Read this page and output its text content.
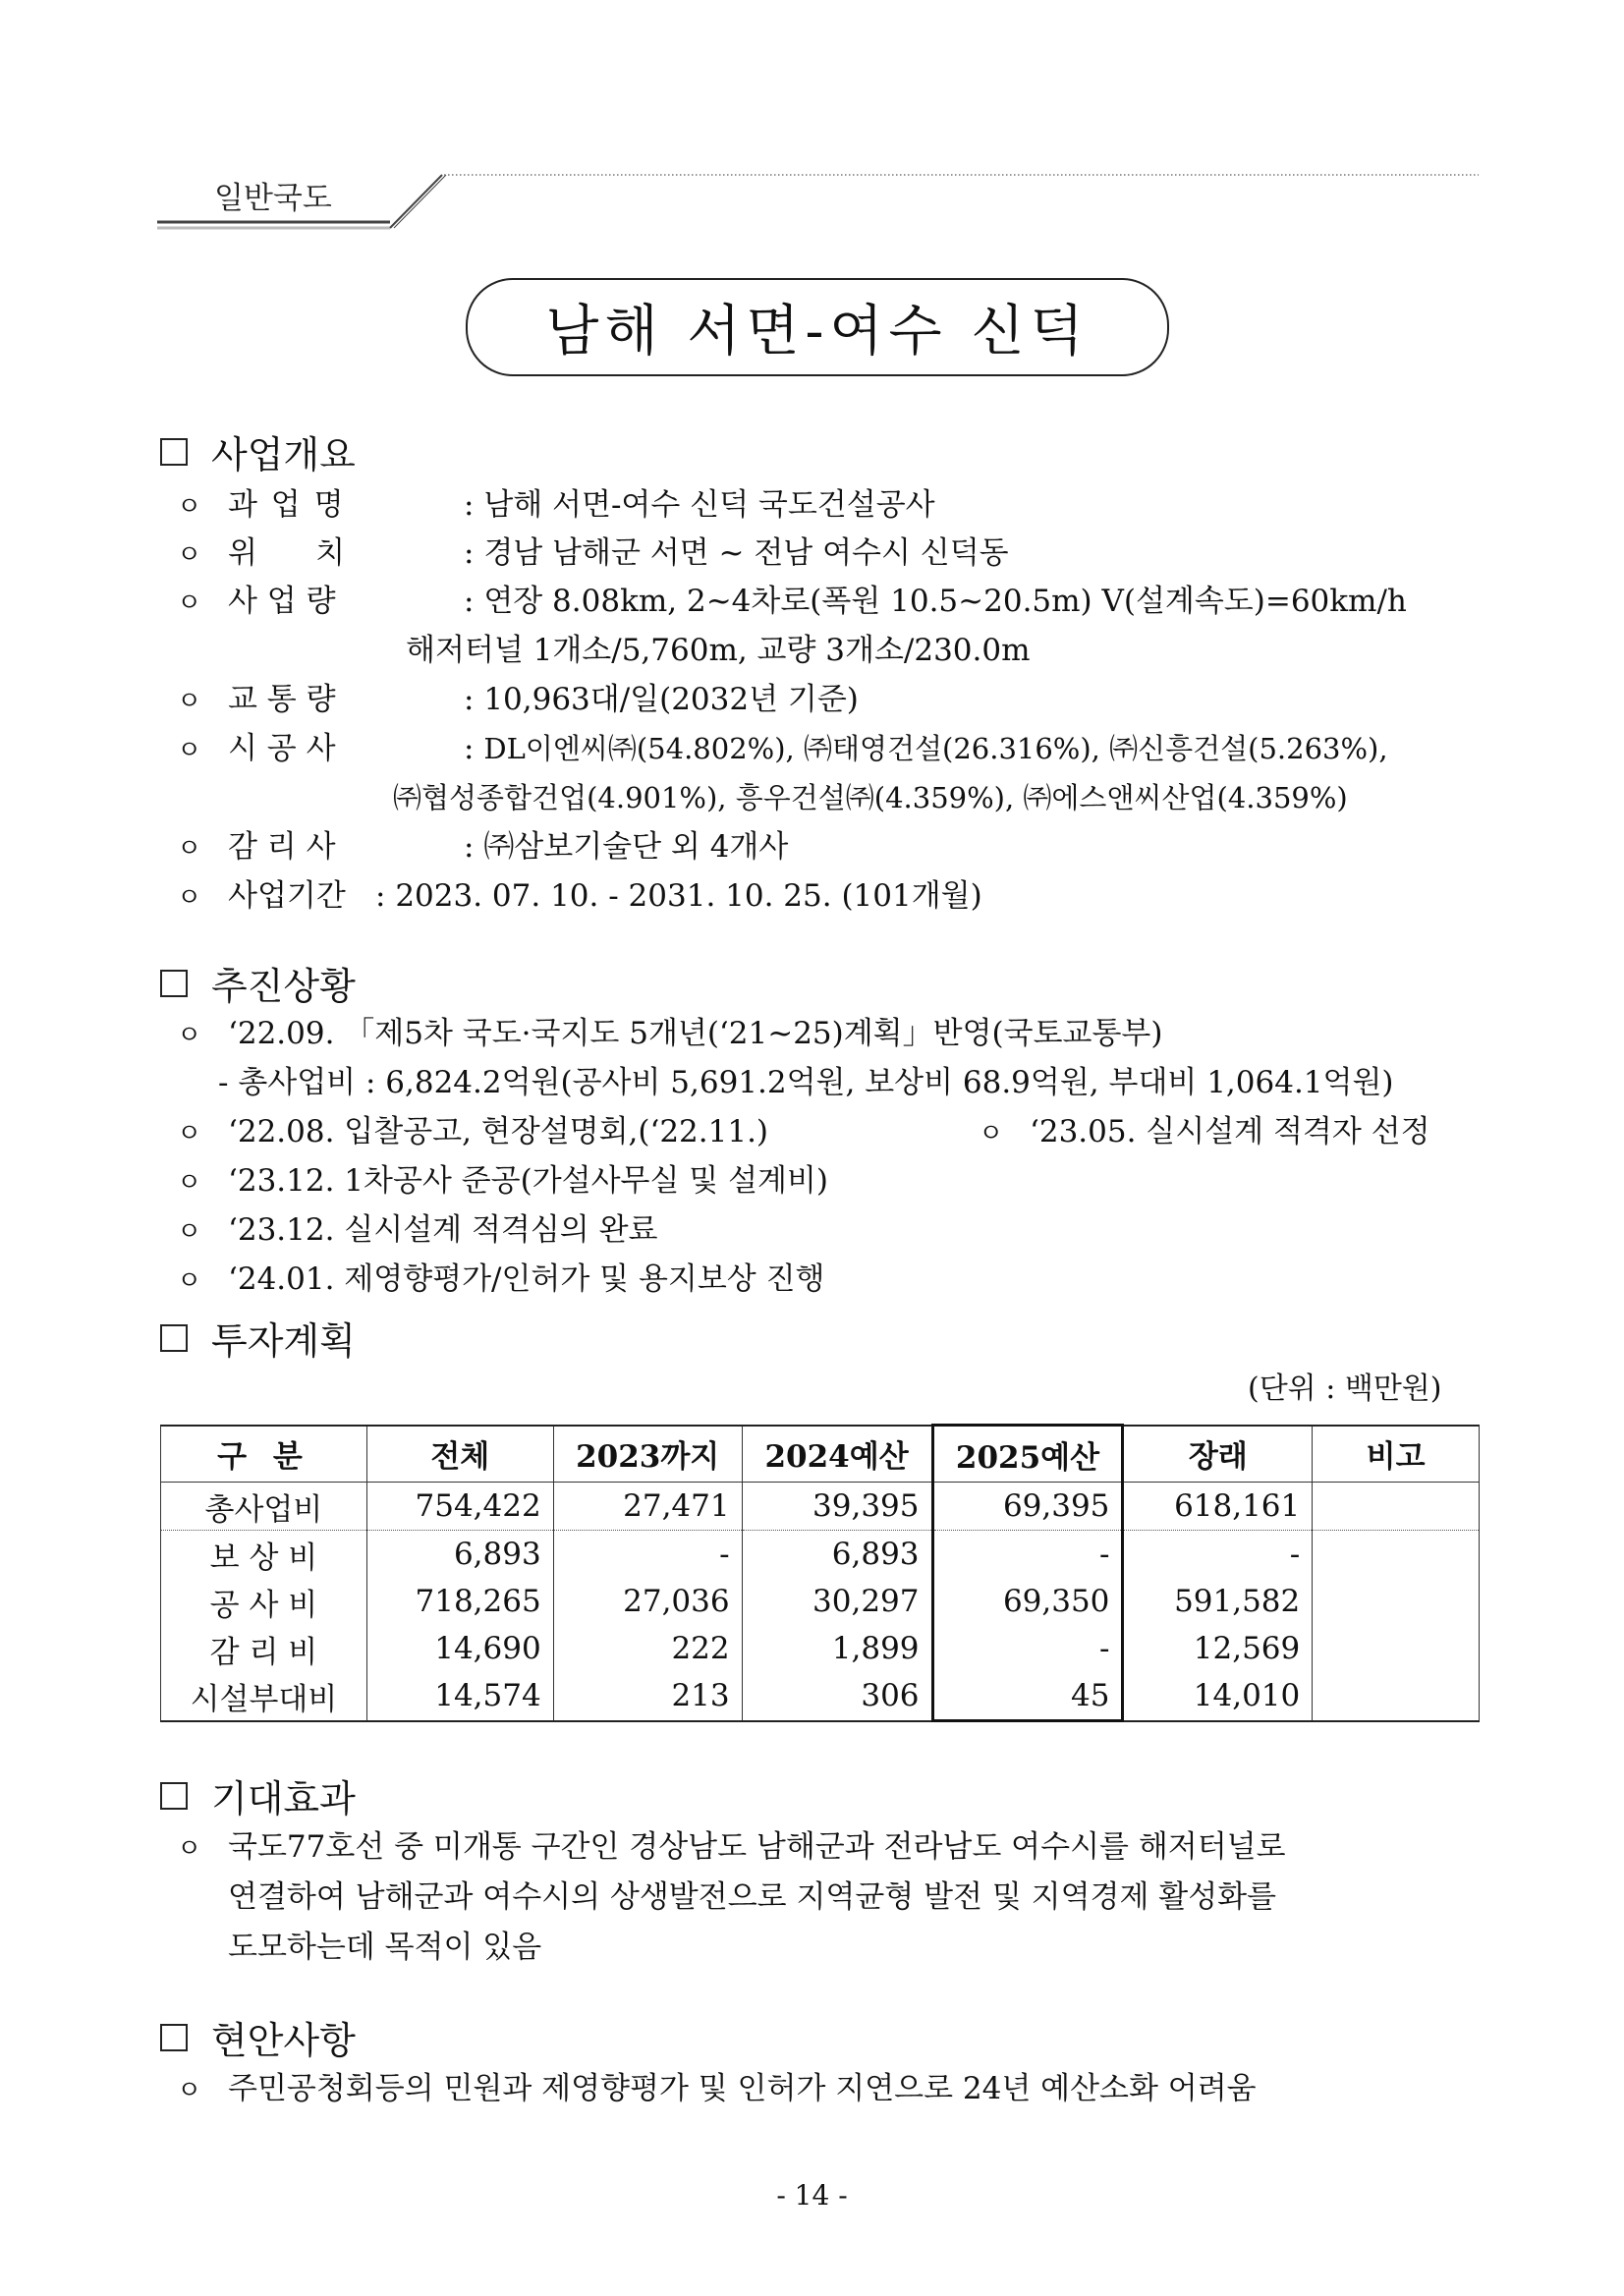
일반국도
남해 서면-여수 신덕
사업개요
ㅇ 과 업 명	: 남해 서면-여수 신덕 국도건설공사
ㅇ 위      치	: 경남 남해군 서면 ~ 전남 여수시 신덕동
ㅇ 사 업 량	: 연장 8.08km, 2~4차로(폭원 10.5~20.5m) V(설계속도)=60km/h
해저터널 1개소/5,760m, 교량 3개소/230.0m
ㅇ 교 통 량	: 10,963대/일(2032년 기준)
ㅇ 시 공 사	: DL이엔씨㈜(54.802%), ㈜태영건설(26.316%), ㈜신흥건설(5.263%),
㈜협성종합건업(4.901%), 흥우건설㈜(4.359%), ㈜에스앤씨산업(4.359%)
ㅇ 감 리 사	: ㈜삼보기술단 외 4개사
ㅇ 사업기간 : 2023. 07. 10. - 2031. 10. 25. (101개월)
추진상황
ㅇ ‘22.09. 「제5차 국도·국지도 5개년(‘21~25)계획」반영(국토교통부)
- 총사업비 : 6,824.2억원(공사비 5,691.2억원, 보상비 68.9억원, 부대비 1,064.1억원)
ㅇ ‘22.08. 입찰공고, 현장설명회,(‘22.11.)	ㅇ ‘23.05. 실시설계 적격자 선정
ㅇ ‘23.12. 1차공사 준공(가설사무실 및 설계비)
ㅇ ‘23.12. 실시설계 적격심의 완료
ㅇ ‘24.01. 제영향평가/인허가 및 용지보상 진행
투자계획
(단위 : 백만원)
구 분	전체	2023까지	2024예산	2025예산	장래	비고
총사업비	754,422	27,471	39,395	69,395	618,161	
보 상 비	6,893	-	6,893	-	-	
공 사 비	718,265	27,036	30,297	69,350	591,582	
감 리 비	14,690	222	1,899	-	12,569	
시설부대비	14,574	213	306	45	14,010	
기대효과
ㅇ 국도77호선 중 미개통 구간인 경상남도 남해군과 전라남도 여수시를 해저터널로
연결하여 남해군과 여수시의 상생발전으로 지역균형 발전 및 지역경제 활성화를
도모하는데 목적이 있음
현안사항
ㅇ 주민공청회등의 민원과 제영향평가 및 인허가 지연으로 24년 예산소화 어려움
- 14 -
